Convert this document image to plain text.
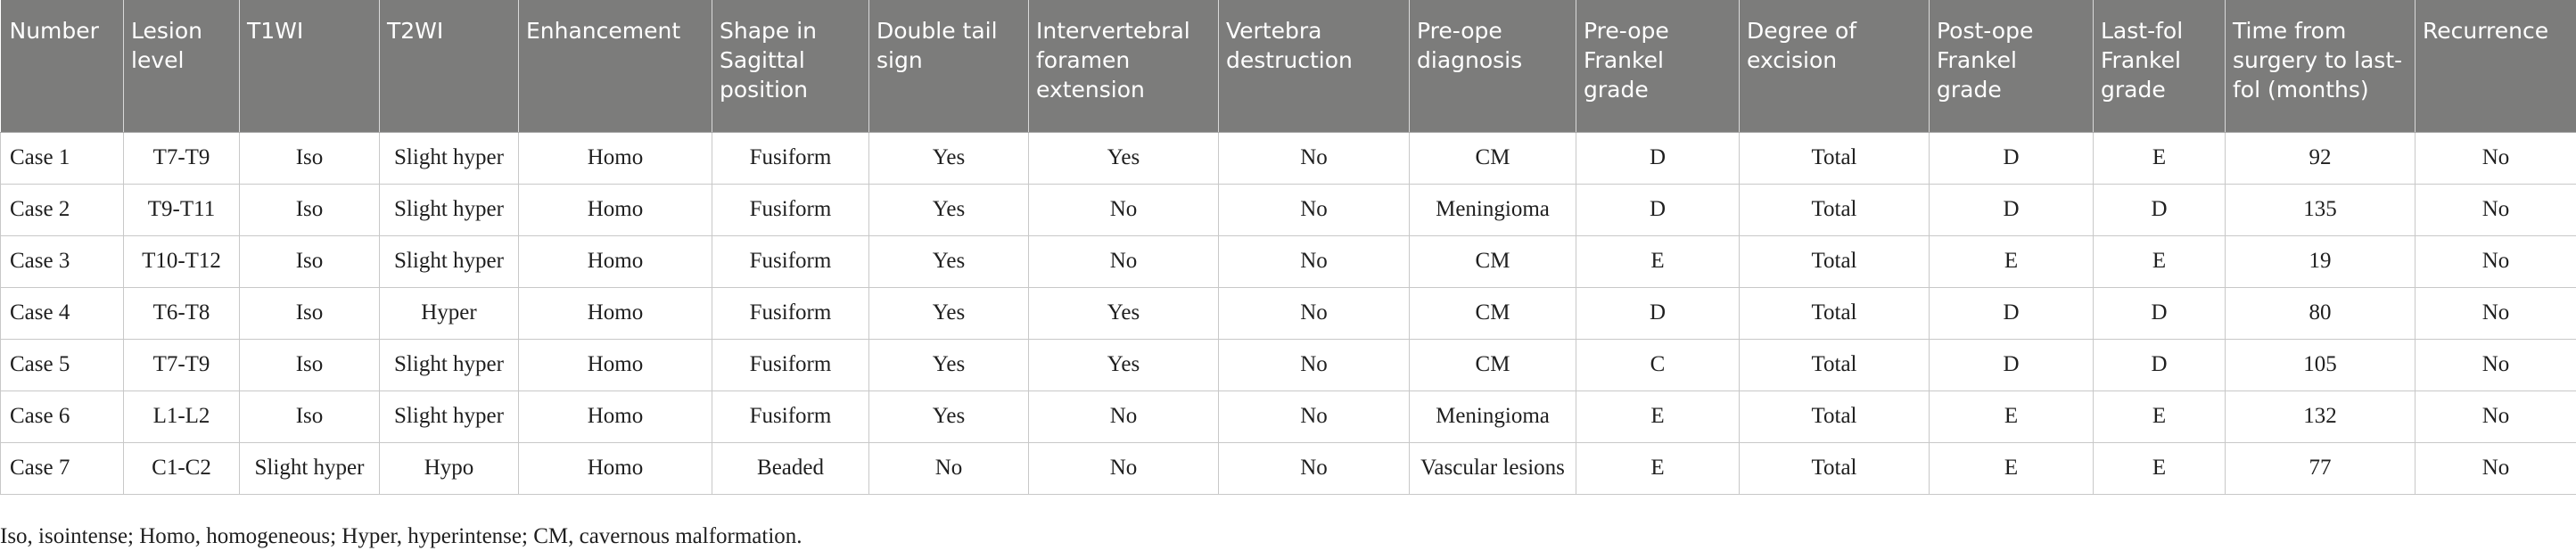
Number	Lesion level	T1WI	T2WI	Enhancement	Shape in Sagittal position	Double tail sign	Intervertebral foramen extension	Vertebra destruction	Pre-ope diagnosis	Pre-ope Frankel grade	Degree of excision	Post-ope Frankel grade	Last-fol Frankel grade	Time from surgery to last-fol (months)	Recurrence
Case 1	T7-T9	Iso	Slight hyper	Homo	Fusiform	Yes	Yes	No	CM	D	Total	D	E	92	No
Case 2	T9-T11	Iso	Slight hyper	Homo	Fusiform	Yes	No	No	Meningioma	D	Total	D	D	135	No
Case 3	T10-T12	Iso	Slight hyper	Homo	Fusiform	Yes	No	No	CM	E	Total	E	E	19	No
Case 4	T6-T8	Iso	Hyper	Homo	Fusiform	Yes	Yes	No	CM	D	Total	D	D	80	No
Case 5	T7-T9	Iso	Slight hyper	Homo	Fusiform	Yes	Yes	No	CM	C	Total	D	D	105	No
Case 6	L1-L2	Iso	Slight hyper	Homo	Fusiform	Yes	No	No	Meningioma	E	Total	E	E	132	No
Case 7	C1-C2	Slight hyper	Hypo	Homo	Beaded	No	No	No	Vascular lesions	E	Total	E	E	77	No
Iso, isointense; Homo, homogeneous; Hyper, hyperintense; CM, cavernous malformation.
